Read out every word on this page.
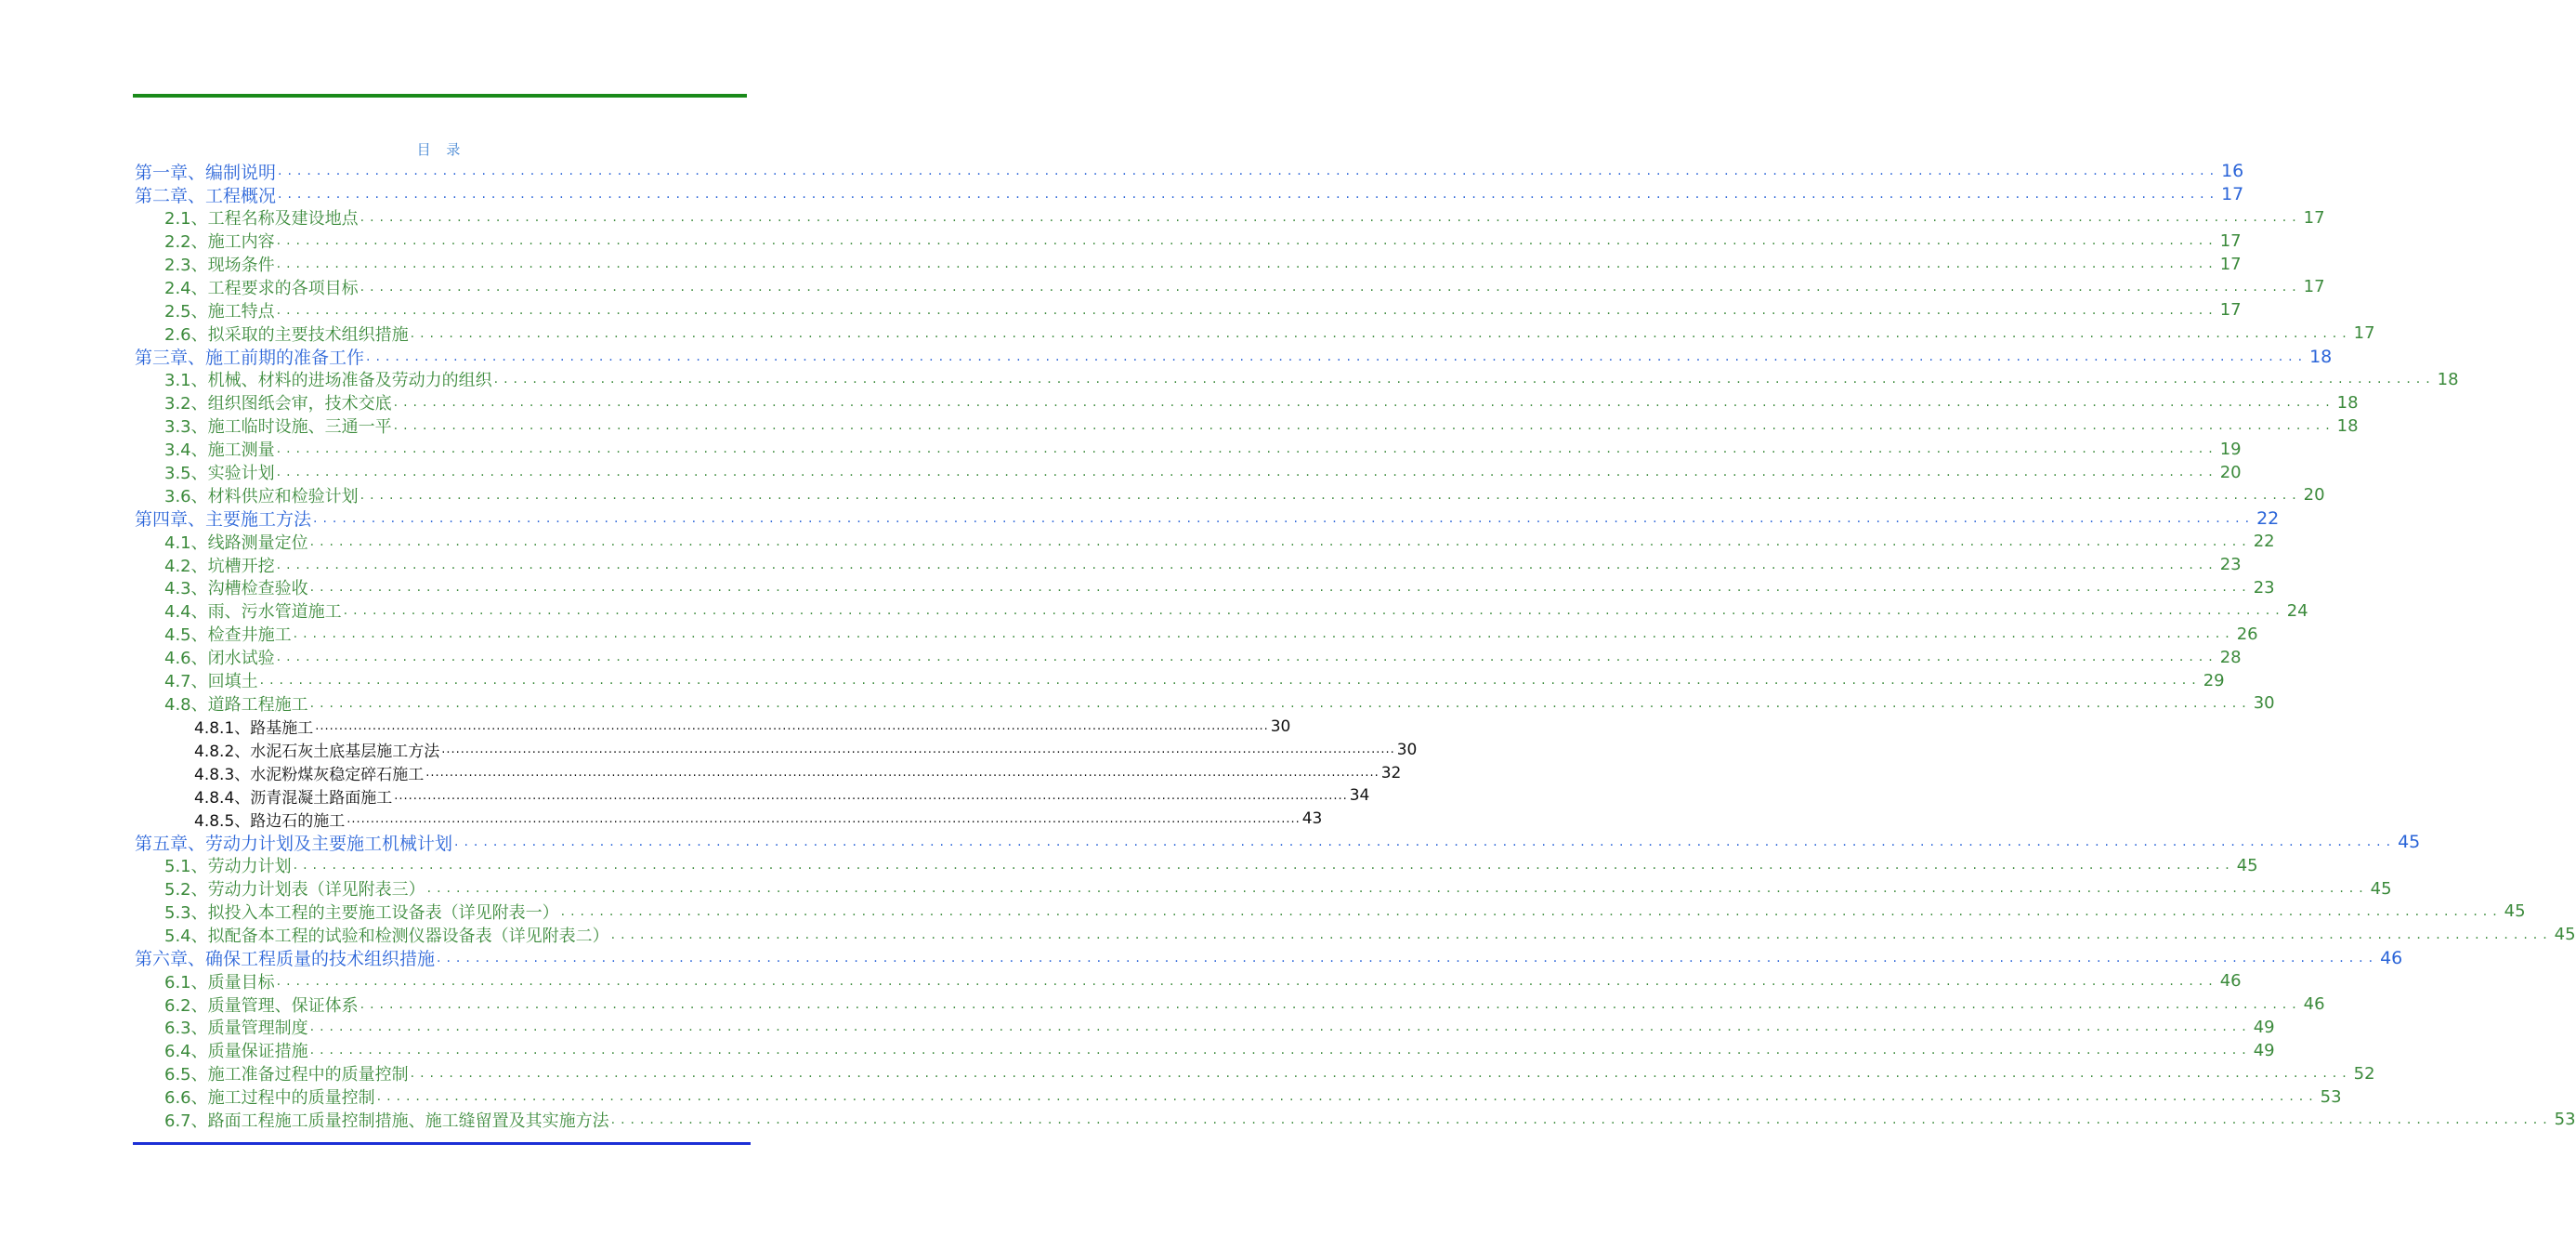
目 录
第一章、编制说明 ........................................................................................................................................................................................................ 16
第二章、工程概况 ........................................................................................................................................................................................................ 17
2.1、工程名称及建设地点 ........................................................................................................................................................................................................ 17
2.2、施工内容 ........................................................................................................................................................................................................ 17
2.3、现场条件 ........................................................................................................................................................................................................ 17
2.4、工程要求的各项目标 ........................................................................................................................................................................................................ 17
2.5、施工特点 ........................................................................................................................................................................................................ 17
2.6、拟采取的主要技术组织措施 ........................................................................................................................................................................................................ 17
第三章、施工前期的准备工作 ........................................................................................................................................................................................................ 18
3.1、机械、材料的进场准备及劳动力的组织 ........................................................................................................................................................................................................ 18
3.2、组织图纸会审，技术交底 ........................................................................................................................................................................................................ 18
3.3、施工临时设施、三通一平 ........................................................................................................................................................................................................ 18
3.4、施工测量 ........................................................................................................................................................................................................ 19
3.5、实验计划 ........................................................................................................................................................................................................ 20
3.6、材料供应和检验计划 ........................................................................................................................................................................................................ 20
第四章、主要施工方法 ........................................................................................................................................................................................................ 22
4.1、线路测量定位 ........................................................................................................................................................................................................ 22
4.2、坑槽开挖 ........................................................................................................................................................................................................ 23
4.3、沟槽检查验收 ........................................................................................................................................................................................................ 23
4.4、雨、污水管道施工 ........................................................................................................................................................................................................ 24
4.5、检查井施工 ........................................................................................................................................................................................................ 26
4.6、闭水试验 ........................................................................................................................................................................................................ 28
4.7、回填土 ........................................................................................................................................................................................................ 29
4.8、道路工程施工 ........................................................................................................................................................................................................ 30
4.8.1、路基施工 ........................................................................................................................................................................................................ 30
4.8.2、水泥石灰土底基层施工方法 ........................................................................................................................................................................................................ 30
4.8.3、水泥粉煤灰稳定碎石施工 ........................................................................................................................................................................................................ 32
4.8.4、沥青混凝土路面施工 ........................................................................................................................................................................................................ 34
4.8.5、路边石的施工 ........................................................................................................................................................................................................ 43
第五章、劳动力计划及主要施工机械计划 ........................................................................................................................................................................................................ 45
5.1、劳动力计划 ........................................................................................................................................................................................................ 45
5.2、劳动力计划表（详见附表三） ........................................................................................................................................................................................................ 45
5.3、拟投入本工程的主要施工设备表（详见附表一） ........................................................................................................................................................................................................ 45
5.4、拟配备本工程的试验和检测仪器设备表（详见附表二） ........................................................................................................................................................................................................ 45
第六章、确保工程质量的技术组织措施 ........................................................................................................................................................................................................ 46
6.1、质量目标 ........................................................................................................................................................................................................ 46
6.2、质量管理、保证体系 ........................................................................................................................................................................................................ 46
6.3、质量管理制度 ........................................................................................................................................................................................................ 49
6.4、质量保证措施 ........................................................................................................................................................................................................ 49
6.5、施工准备过程中的质量控制 ........................................................................................................................................................................................................ 52
6.6、施工过程中的质量控制 ........................................................................................................................................................................................................ 53
6.7、路面工程施工质量控制措施、施工缝留置及其实施方法 ........................................................................................................................................................................................................ 53
